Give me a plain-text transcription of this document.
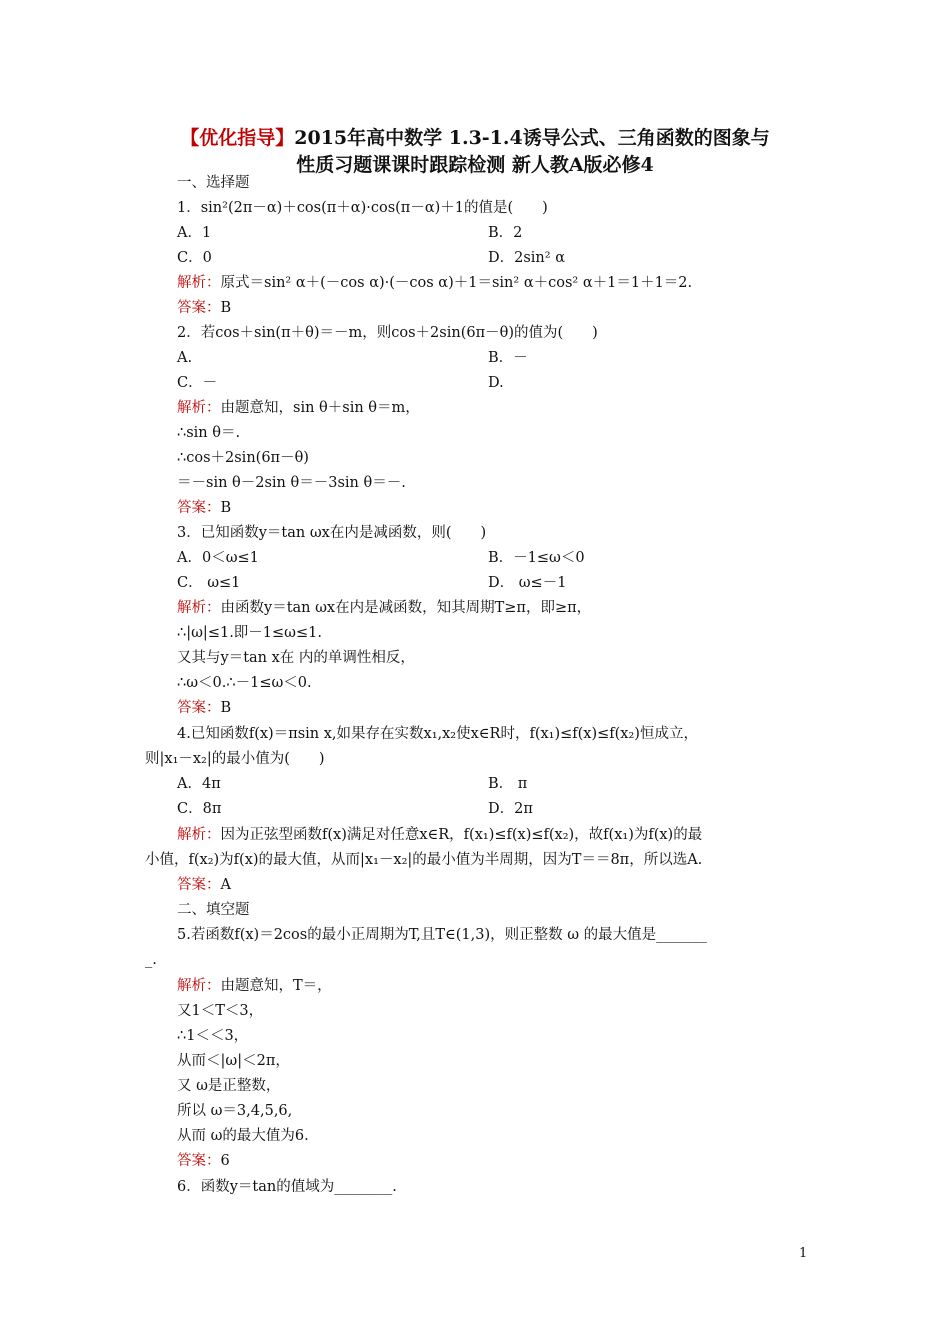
【优化指导】2015年高中数学 1.3-1.4诱导公式、三角函数的图象与
性质习题课课时跟踪检测 新人教A版必修4
一、选择题
1．sin²(2π－α)＋cos(π＋α)·cos(π－α)＋1的值是(　　)
A．1	B．2
C．0	D．2sin² α
解析：原式＝sin² α＋(－cos α)·(－cos α)＋1＝sin² α＋cos² α＋1＝1＋1＝2.
答案：B
2．若cos＋sin(π＋θ)＝－m，则cos＋2sin(6π－θ)的值为(　　)
A.	B．－
C．－	D.
解析：由题意知，sin θ＋sin θ＝m，
∴sin θ＝.
∴cos＋2sin(6π－θ)
＝－sin θ－2sin θ＝－3sin θ＝－.
答案：B
3．已知函数y＝tan ωx在内是减函数，则(　　)
A．0＜ω≤1	B．－1≤ω＜0
C． ω≤1	D． ω≤－1
解析：由函数y＝tan ωx在内是减函数，知其周期T≥π，即≥π，
∴|ω|≤1.即－1≤ω≤1.
又其与y＝tan x在 内的单调性相反，
∴ω＜0.∴－1≤ω＜0.
答案：B
4.已知函数f(x)＝πsin x,如果存在实数x₁,x₂使x∈R时，f(x₁)≤f(x)≤f(x₂)恒成立，
则|x₁－x₂|的最小值为(　　)
A．4π	B． π
C．8π	D．2π
解析：因为正弦型函数f(x)满足对任意x∈R，f(x₁)≤f(x)≤f(x₂)，故f(x₁)为f(x)的最
小值，f(x₂)为f(x)的最大值，从而|x₁－x₂|的最小值为半周期，因为T＝＝8π，所以选A.
答案：A
二、填空题
5.若函数f(x)＝2cos的最小正周期为T,且T∈(1,3)，则正整数 ω 的最大值是_______
_.
解析：由题意知，T＝，
又1＜T＜3，
∴1＜＜3，
从而＜|ω|＜2π，
又 ω是正整数，
所以 ω＝3,4,5,6,
从而 ω的最大值为6.
答案：6
6．函数y＝tan的值域为________.
1
